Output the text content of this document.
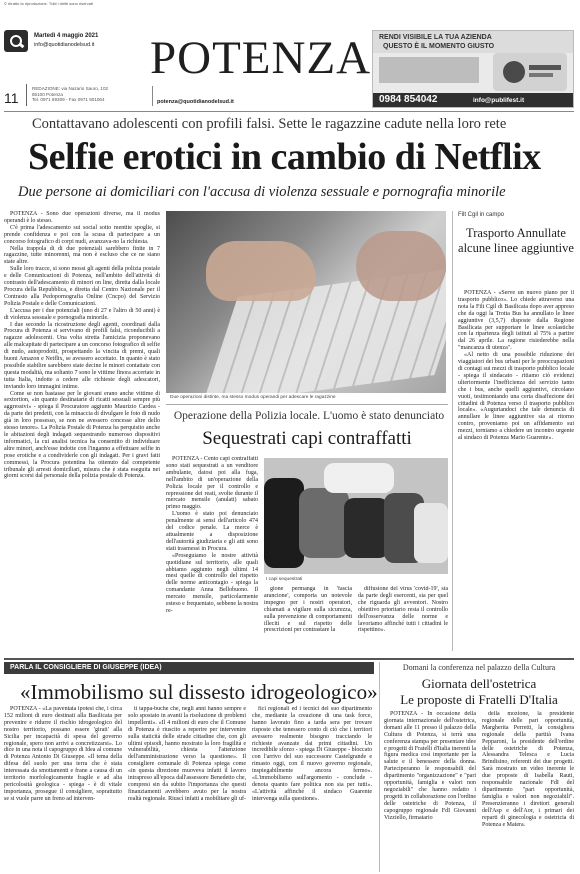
© ritratto la riproduzione. Tutti i diritti sono riservati
Martedì 4 maggio 2021
info@quotidianodelsud.it
11
POTENZA
REDAZIONE: via Nazario Sauro, 102
85100 Potenza
Tel. 0971 69309 - Fax 0971 601064	potenza@quotidianodelsud.it
RENDI VISIBILE LA TUA AZIENDA
QUESTO È IL MOMENTO GIUSTO
0984 854042	info@publifest.it
Contattavano adolescenti con profili falsi. Sette le ragazzine cadute nella loro rete
Selfie erotici in cambio di Netflix
Due persone ai domiciliari con l'accusa di violenza sessuale e pornografia minorile

POTENZA - Sono due operazioni diverse, ma il modus operandi è lo stesso.

C'è prima l'adescamento sui social sotto mentite spoglie, si prende confidenza e poi con la scusa di partecipare a un concorso fotografico di corpi nudi, avanzava-no la richiesta.

Nella trappola di di due potenziali sarebbero finite in 7 ragazzine, tutte minorenni, ma non è escluso che ce ne siano state altre.

Sulle loro tracce, si sono mossi gli agenti della polizia postale e delle Comunicazioni di Potenza, nell'ambito dell'attività di contrasto dell'adescamento di minori on line, diretta dalla locale Procura della Repubblica, e diretta dal Centro Nazionale per il Contrasto alla Pedopornografia Online (Cncpo) del Servizio Polizia Postale e delle Comunicazioni.

L'accusa per i due potenziali (uno di 27 e l'altro di 50 anni) è di violenza sessuale e pornografia minorile.

I due secondo la ricostruzione degli agenti, coordinati dalla Procura di Potenza si servivano di profili falsi, riconducibili a ragazze adolescenti. Una volta stretta l'amicizia proponevano alle malcapitate di partecipare a un concorso fotografico di selfie di nudo, autoprodotti, prospettando la vincita di premi, quali buoni Amazon e Netflix, se avessero accettato. In quanto è stato possibile stabilire sarebbero state decine le minori contattate con questa modalità, ma soltanto 7 sono le vittime finora accertate in tutta Italia, indotte a cedere alle richieste degli adescatori, inviando loro immagini intime.

Come se non bastasse per le giovani erano anche vittime di sextortion, «in quanto destinatarie di ricatti sessuali sempre più aggressivi» - spiega il Procuratore aggiunto Maurizio Cardea - da parte dei predetti, con la minaccia di divulgare le foto di nudo già in loro possesso, se non ne avessero concesse altre dello stesso tenore». La Polizia Postale di Potenza ha perquisito anche le abitazioni degli indagati sequestrando numeroso dispositivi informatici, la cui analisi tecnica ha consentito di individuare altre minori, anch'esse indotte con l'inganno a effettuare selfie in pose erotiche e a condividerle con gli indagati. Per i gravi fatti commessi, la Procura potentina ha ottenuto dal competente tribunale gli arresti domiciliari, misura che è stata eseguita nei giorni scorsi dal personale della polizia postale di Potenza.

Due operazioni distinte, ma stesso modus operandi per adescare le ragazzine
Filt Cgil in campo
Trasporto Annullate alcune linee aggiuntive

POTENZA - «Serve un nuovo piano per il trasporto pubblico». Lo chiede attraverso una nota la Filt Cgil di Basilicata dopo aver appreso che da oggi la Trotta Bus ha annullato le linee aggiuntive (3,5,7) disposte dalla Regione Basilicata per supportare le linee scolastiche con la ripartenza degli istituti al 75% a partire dal 26 aprile. La ragione risiederebbe nella "mancanza di utenza".

«Al netto di una possibile riduzione dei viaggiatori dei bus urbani per le preoccupazioni di contagi sui mezzi di trasporto pubblico locale - spiega il sindacato - ritiamo ciò evidenzi ulteriormente l'inefficienza del servizio tanto che i bus, anche quelli aggiuntivi, circolano vuoti, testimoniando una certa disaffezione dei cittadini di Potenza verso il trasporto pubblico locale». «Auguriandoci che tale denuncia di annullare le linee aggiuntive sia ai ritorno contro, proveniamo poi un affidamento sui mezzi, torniamo a chiedere un incontro urgente al sindaco di Potenza Mario Guarente».

Operazione della Polizia locale. L'uomo è stato denunciato
Sequestrati capi contraffatti

POTENZA - Cento capi contraffatti sono stati sequestrati a un venditore ambulante, datosi poi alla fuga, nell'ambito di un'operazione della Polizia locale per il controllo e repressione dei reati, svolte durante il mercato mensile (anulati) sabato primo maggio.

L'uomo è stato poi denunciato penalmente ai sensi dell'articolo 474 del codice penale. La merce è attualmente a disposizione dell'autorità giudiziaria e gli atti sono stati trasmessi in Procura.

«Proseguiamo le nostre attività quotidiane sul territorio, alle quali abbiamo aggiunto negli ultimi 14 mesi quelle di controllo del rispetto delle norme anticontagio - spiega la comandante Anna Bellobuono. Il mercato mensile, particolarmente esteso e frequentato, sebbene la nostra re-

I capi sequestrati

gione permanga in 'fascia arancione', comporta un notevole impegno per i nostri operatori, chiamati a vigilare sulla sicurezza, sulla prevenzione di comportamenti illeciti e sul rispetto delle prescrizioni per contrastare la

diffusione del virus 'covid-19', sia da parte degli esercenti, sia per quel che riguarda gli avventori. Nostro obiettivo prioritario resta il controllo dell'osservanza delle norme e lavoriamo affinché tutti i cittadini le rispettino».

PARLA IL CONSIGLIERE DI GIUSEPPE (IDEA)
«Immobilismo sul dissesto idrogeologico»

POTENZA - «La paventata ipotesi che, i circa 152 milioni di euro destinati alla Basilicata per prevenire e ridurre il rischio idrogeologico del nostro territorio, possano essere 'girati' alla Sicilia per incapacità di spesa del governo regionale, spero non arrivi a concretizzarsi». Lo dice in una nota il capogruppo di Idea al comune di Potenza Antonio Di Giuseppe. «Il tema della difesa del suolo per una terra che è stata interessata da smottamenti e frane a causa di un territorio morfologicamente fragile e ad alta pericolosità geologica - spiega - è di vitale importanza, prosegue il consigliere, soprattutto se si vuole parre un freno ad interven-

ti tappa-buche che, negli anni hanno sempre e solo spostato in avanti la risoluzione di problemi impellenti». «Il 4 milioni di euro che il Comune di Potenza è riuscito a reperire per intervenire sulla staticità delle strade cittadine che, con gli ultimi episodi, hanno mostrato la loro fragilità e vulnerabilità, chiesta l'attenzione dell'amministrazione verso la questione». Il consigliere comunale di Potenza spiega come «in questa direzione muoveva infatti il lavoro intrapreso all'epoca dall'assessore Benedetto che, compresi sin da subito l'importanza che questi finanziamenti avrebbero avuto per la nostra realtà regionale. Riuscì infatti a mobilitare gli uf-

fici regionali ed i tecnici del suo dipartimento che, mediante la creazione di una task force, hanno lavorato fino a tarda sera per trovare risposte che tenessero conto di ciò che i territori avessero realmente bisogno tracciando le richieste avanzate dai primi cittadini. Un incredibile sforzo - spiega Di Giuseppe - bloccato con l'arrivo del suo successore Castelgrande e rimasto oggi, con il nuovo governo regionale, inspiegabilmente ancora fermo». «L'immobilismo sull'argomento - conclude - denota quanto fare politica non sia per tutti». «L'attività affinché il sindaco Guarente intervenga sulla questione».

Domani la conferenza nel palazzo della Cultura
Giornata dell'ostetrica
Le proposte di Fratelli D'Italia

POTENZA - In occasione della giornata internazionale dell'ostetrica, domani alle 11 presso il palazzo della Cultura di Potenza, si terrà una conferenza stampa per presentare idee e progetti di Fratelli d'Italia inerenti la figura medica così importante per la salute e il benessere della donna. Parteciperanno le responsabili del dipartimento "organizzazione" e "pari opportunità, famiglia e valori non negoziabili" che hanno redatto i progetti in collaborazione con l'ordine delle ostetriche di Potenza, il capogruppo regionale FdI Giovanni Vizziello, firmatario

della mozione, la presidente regionale delle pari opportunità, Margherita Perretti, la consigliera regionale della partità Ivana Pepparoni, la presidente dell'ordine delle ostetriche di Potenza, Alessandra Telesca e Lucia Brindisino, referenti dei due progetti. Sarà mostrato un video inerente le due proposte di Isabella Rauti, responsabile nazionale FdI del dipartimento "pari opportunità, famiglia e valori non negoziabili". Presenzieranno i direttori generali dell'Asp e dell'Aor, i primari dei reparti di ginecologia e ostetricia di Potenza e Matera.
